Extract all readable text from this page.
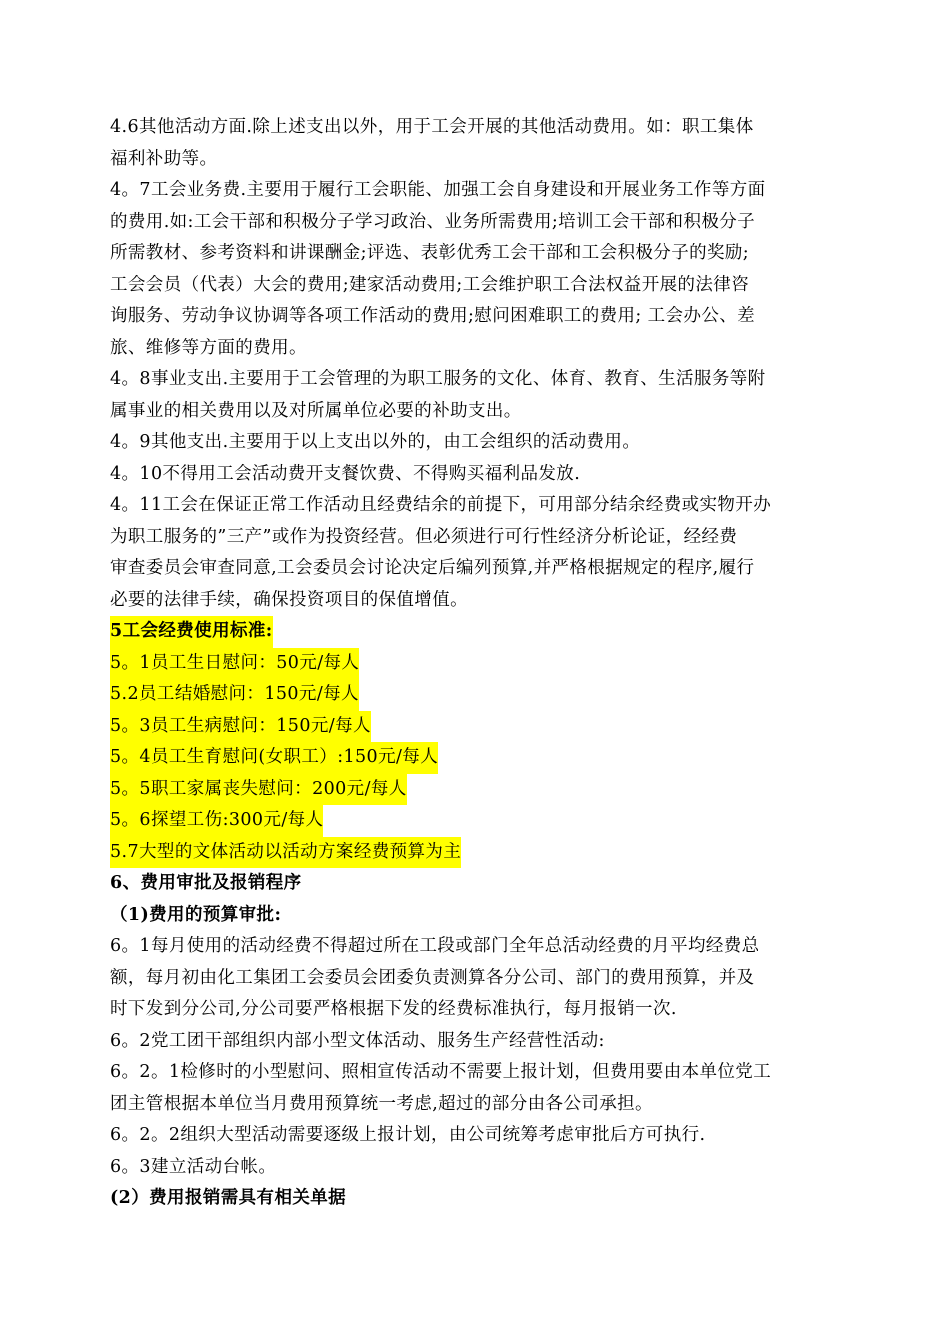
4.6其他活动方面.除上述支出以外，用于工会开展的其他活动费用。如：职工集体
福利补助等。
4。7工会业务费.主要用于履行工会职能、加强工会自身建设和开展业务工作等方面
的费用.如:工会干部和积极分子学习政治、业务所需费用;培训工会干部和积极分子
所需教材、参考资料和讲课酬金;评选、表彰优秀工会干部和工会积极分子的奖励;
工会会员（代表）大会的费用;建家活动费用;工会维护职工合法权益开展的法律咨
询服务、劳动争议协调等各项工作活动的费用;慰问困难职工的费用; 工会办公、差
旅、维修等方面的费用。
4。8事业支出.主要用于工会管理的为职工服务的文化、体育、教育、生活服务等附
属事业的相关费用以及对所属单位必要的补助支出。
4。9其他支出.主要用于以上支出以外的，由工会组织的活动费用。
4。10不得用工会活动费开支餐饮费、不得购买福利品发放.
4。11工会在保证正常工作活动且经费结余的前提下，可用部分结余经费或实物开办
为职工服务的”三产”或作为投资经营。但必须进行可行性经济分析论证，经经费
审查委员会审查同意,工会委员会讨论决定后编列预算,并严格根据规定的程序,履行
必要的法律手续，确保投资项目的保值增值。
5工会经费使用标准:
5。1员工生日慰问：50元/每人
5.2员工结婚慰问：150元/每人
5。3员工生病慰问：150元/每人
5。4员工生育慰问(女职工）:150元/每人
5。5职工家属丧失慰问：200元/每人
5。6探望工伤:300元/每人
5.7大型的文体活动以活动方案经费预算为主
6、费用审批及报销程序
（1)费用的预算审批:
6。1每月使用的活动经费不得超过所在工段或部门全年总活动经费的月平均经费总
额，每月初由化工集团工会委员会团委负责测算各分公司、部门的费用预算，并及
时下发到分公司,分公司要严格根据下发的经费标准执行，每月报销一次.
6。2党工团干部组织内部小型文体活动、服务生产经营性活动:
6。2。1检修时的小型慰问、照相宣传活动不需要上报计划，但费用要由本单位党工
团主管根据本单位当月费用预算统一考虑,超过的部分由各公司承担。
6。2。2组织大型活动需要逐级上报计划，由公司统筹考虑审批后方可执行.
6。3建立活动台帐。
(2）费用报销需具有相关单据
